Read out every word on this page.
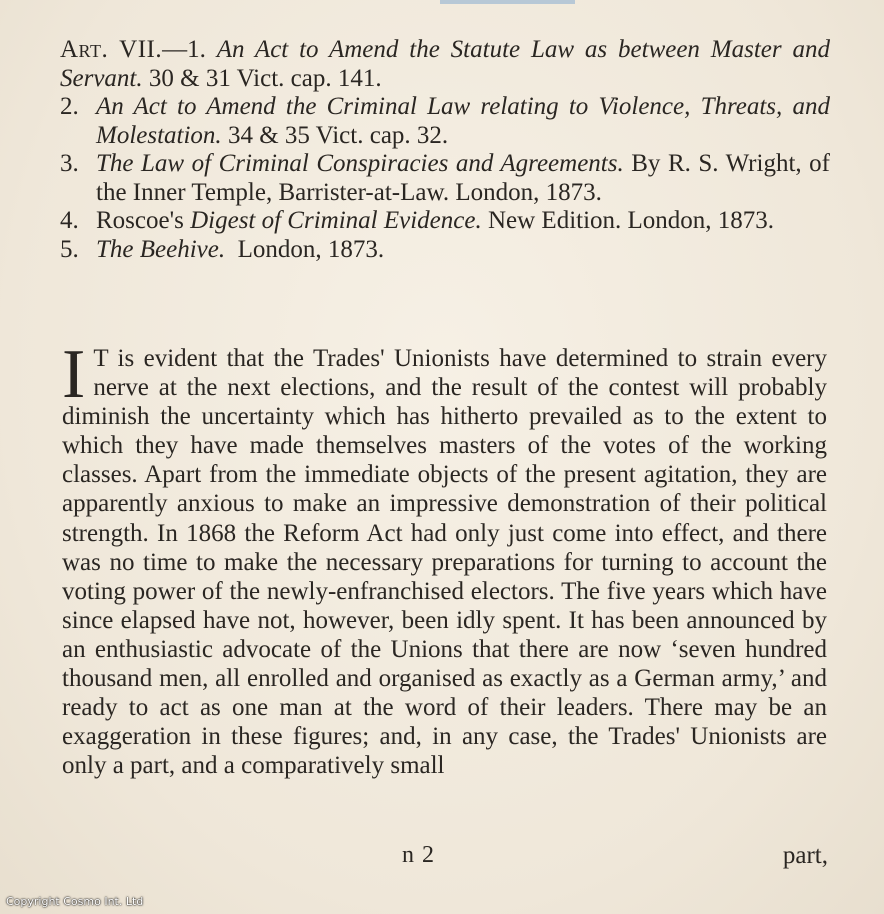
Art. VII.—1. An Act to Amend the Statute Law as between Master and Servant. 30 & 31 Vict. cap. 141.
2. An Act to Amend the Criminal Law relating to Violence, Threats, and Molestation. 34 & 35 Vict. cap. 32.
3. The Law of Criminal Conspiracies and Agreements. By R. S. Wright, of the Inner Temple, Barrister-at-Law. London, 1873.
4. Roscoe's Digest of Criminal Evidence. New Edition. London, 1873.
5. The Beehive. London, 1873.
I T is evident that the Trades' Unionists have determined to strain every nerve at the next elections, and the result of the contest will probably diminish the uncertainty which has hitherto prevailed as to the extent to which they have made themselves masters of the votes of the working classes. Apart from the immediate objects of the present agitation, they are apparently anxious to make an impressive demonstration of their political strength. In 1868 the Reform Act had only just come into effect, and there was no time to make the necessary preparations for turning to account the voting power of the newly-enfranchised electors. The five years which have since elapsed have not, however, been idly spent. It has been announced by an enthusiastic advocate of the Unions that there are now ‘seven hundred thousand men, all enrolled and organised as exactly as a German army,’ and ready to act as one man at the word of their leaders. There may be an exaggeration in these figures; and, in any case, the Trades' Unionists are only a part, and a comparatively small
n 2	part,
Copyright Cosmo Int. Ltd
